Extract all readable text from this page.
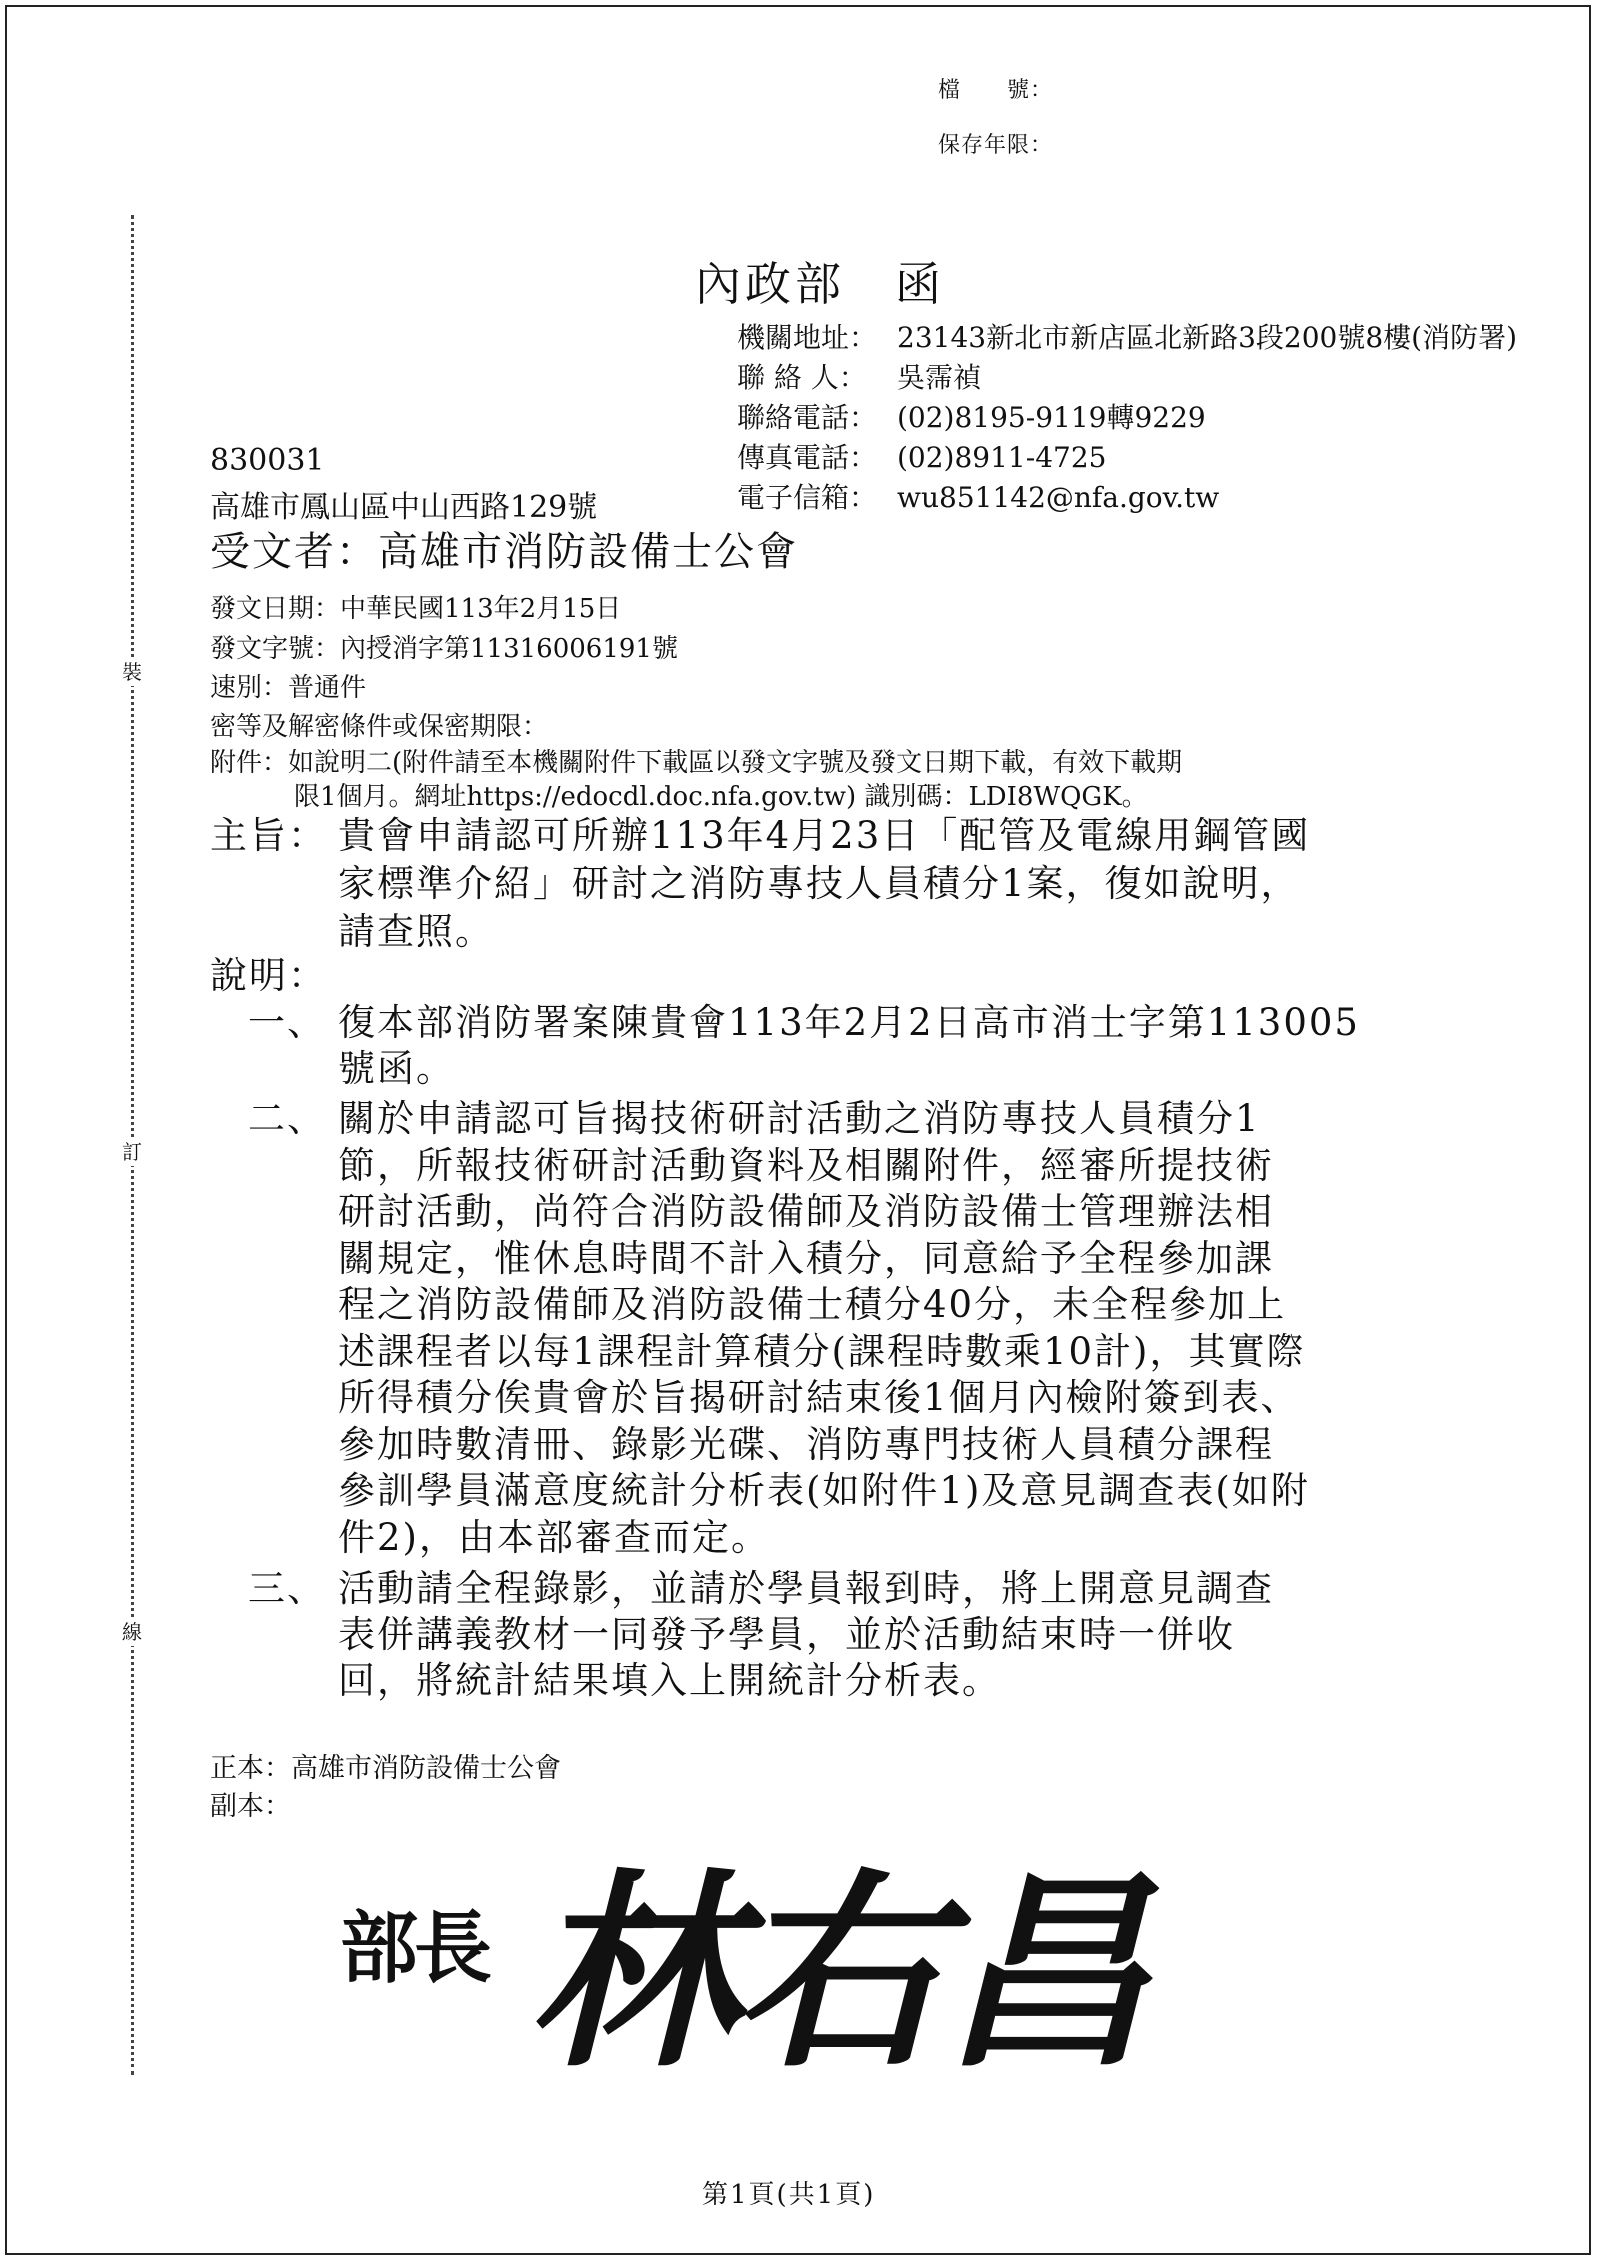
裝
訂
線
檔　　號：
保存年限：
內政部　函
機關地址： 23143新北市新店區北新路3段200號8樓(消防署)
聯 絡 人： 吳霈禎
聯絡電話： (02)8195-9119轉9229
傳真電話： (02)8911-4725
電子信箱： wu851142@nfa.gov.tw
830031
高雄市鳳山區中山西路129號
受文者：高雄市消防設備士公會
發文日期：中華民國113年2月15日
發文字號：內授消字第11316006191號
速別：普通件
密等及解密條件或保密期限：
附件：如說明二(附件請至本機關附件下載區以發文字號及發文日期下載，有效下載期
限1個月。網址https://edocdl.doc.nfa.gov.tw) 識別碼：LDI8WQGK。
主旨： 貴會申請認可所辦113年4月23日「配管及電線用鋼管國
家標準介紹」研討之消防專技人員積分1案，復如說明，
請查照。
說明：
一、 復本部消防署案陳貴會113年2月2日高市消士字第113005
號函。
二、 關於申請認可旨揭技術研討活動之消防專技人員積分1
節，所報技術研討活動資料及相關附件，經審所提技術
研討活動，尚符合消防設備師及消防設備士管理辦法相
關規定，惟休息時間不計入積分，同意給予全程參加課
程之消防設備師及消防設備士積分40分，未全程參加上
述課程者以每1課程計算積分(課程時數乘10計)，其實際
所得積分俟貴會於旨揭研討結束後1個月內檢附簽到表、
參加時數清冊、錄影光碟、消防專門技術人員積分課程
參訓學員滿意度統計分析表(如附件1)及意見調查表(如附
件2)，由本部審查而定。
三、 活動請全程錄影，並請於學員報到時，將上開意見調查
表併講義教材一同發予學員，並於活動結束時一併收
回，將統計結果填入上開統計分析表。
正本：高雄市消防設備士公會
副本：
部長 林右昌
第1頁(共1頁)
